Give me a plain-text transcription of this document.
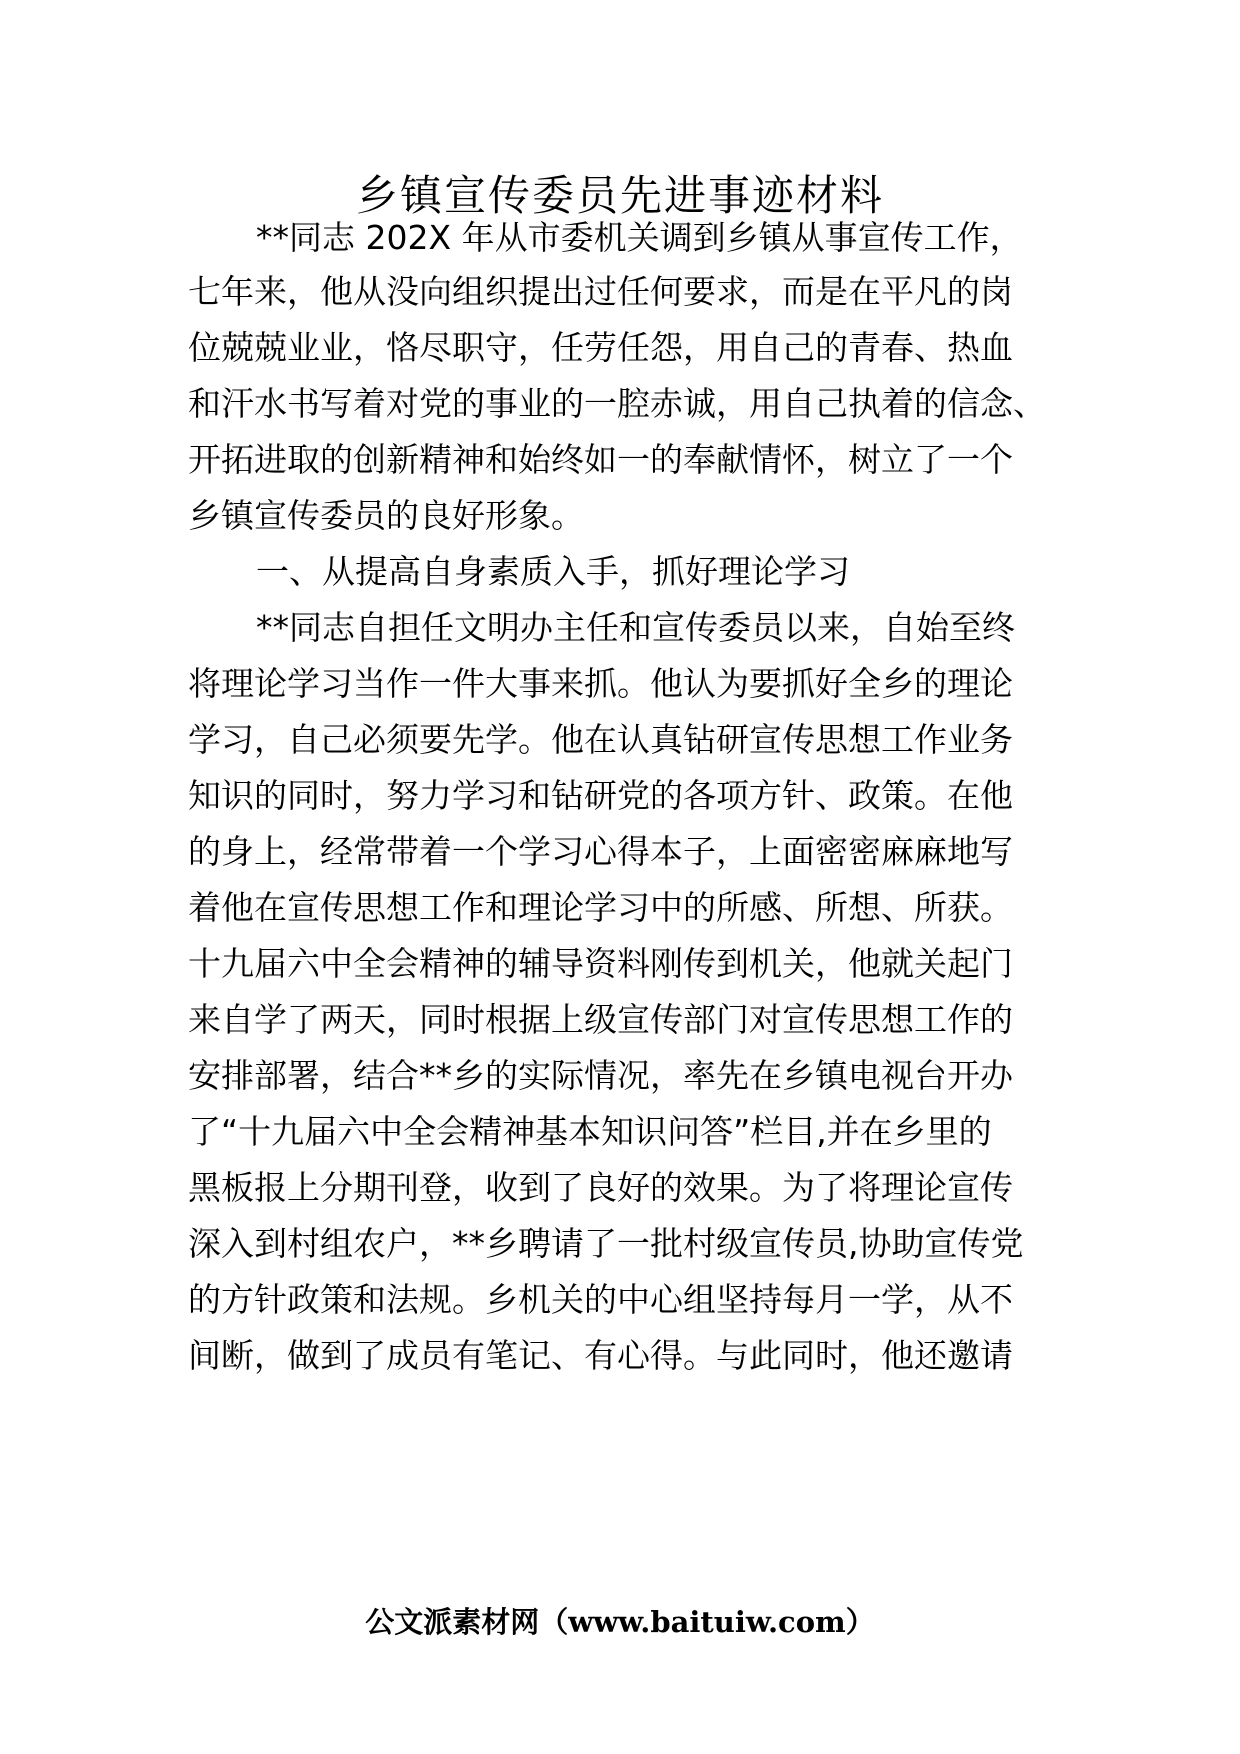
乡镇宣传委员先进事迹材料
**同志 202X 年从市委机关调到乡镇从事宣传工作，
七年来，他从没向组织提出过任何要求，而是在平凡的岗
位兢兢业业，恪尽职守，任劳任怨，用自己的青春、热血
和汗水书写着对党的事业的一腔赤诚，用自己执着的信念、
开拓进取的创新精神和始终如一的奉献情怀，树立了一个
乡镇宣传委员的良好形象。
一、从提高自身素质入手，抓好理论学习
**同志自担任文明办主任和宣传委员以来，自始至终
将理论学习当作一件大事来抓。他认为要抓好全乡的理论
学习，自己必须要先学。他在认真钻研宣传思想工作业务
知识的同时，努力学习和钻研党的各项方针、政策。在他
的身上，经常带着一个学习心得本子，上面密密麻麻地写
着他在宣传思想工作和理论学习中的所感、所想、所获。
十九届六中全会精神的辅导资料刚传到机关，他就关起门
来自学了两天，同时根据上级宣传部门对宣传思想工作的
安排部署，结合**乡的实际情况，率先在乡镇电视台开办
了“十九届六中全会精神基本知识问答”栏目,并在乡里的
黑板报上分期刊登，收到了良好的效果。为了将理论宣传
深入到村组农户，**乡聘请了一批村级宣传员,协助宣传党
的方针政策和法规。乡机关的中心组坚持每月一学，从不
间断，做到了成员有笔记、有心得。与此同时，他还邀请
公文派素材网（www.baituiw.com）
